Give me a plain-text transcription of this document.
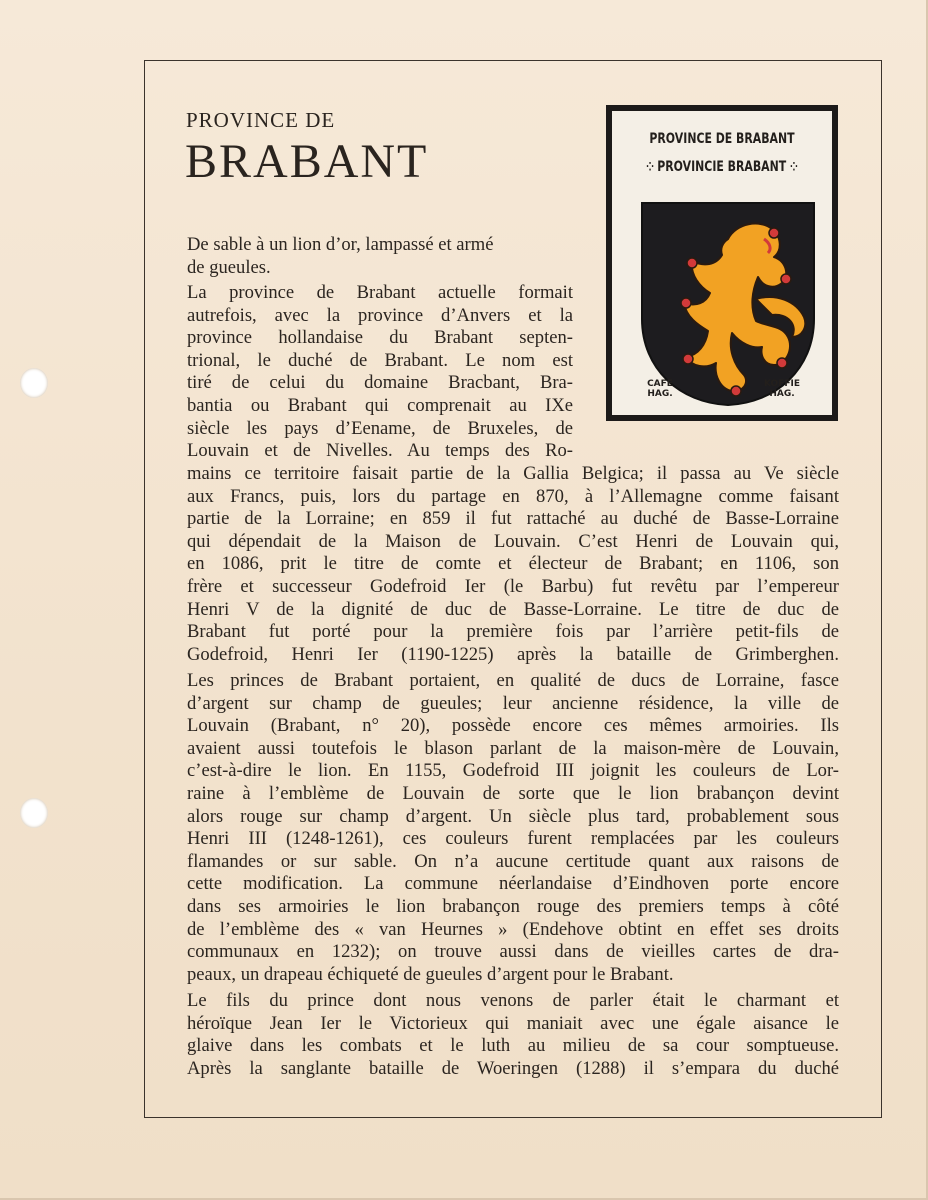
PROVINCE DE
BRABANT	PROVINCE DE BRABANT
⁘ PROVINCIE BRABANT ⁘
CAFÉ HAG.
KOFFIE HAG.
De sable à un lion d’or, lampassé et armé
de gueules.
La province de Brabant actuelle formait
autrefois, avec la province d’Anvers et la
province hollandaise du Brabant septen-
trional, le duché de Brabant. Le nom est
tiré de celui du domaine Bracbant, Bra-
bantia ou Brabant qui comprenait au IXe
siècle les pays d’Eename, de Bruxeles, de
Louvain et de Nivelles. Au temps des Ro-
mains ce territoire faisait partie de la Gallia Belgica; il passa au Ve siècle
aux Francs, puis, lors du partage en 870, à l’Allemagne comme faisant
partie de la Lorraine; en 859 il fut rattaché au duché de Basse-Lorraine
qui dépendait de la Maison de Louvain. C’est Henri de Louvain qui,
en 1086, prit le titre de comte et électeur de Brabant; en 1106, son
frère et successeur Godefroid Ier (le Barbu) fut revêtu par l’empereur
Henri V de la dignité de duc de Basse-Lorraine. Le titre de duc de
Brabant fut porté pour la première fois par l’arrière petit-fils de
Godefroid, Henri Ier (1190-1225) après la bataille de Grimberghen.
Les princes de Brabant portaient, en qualité de ducs de Lorraine, fasce
d’argent sur champ de gueules; leur ancienne résidence, la ville de
Louvain (Brabant, n° 20), possède encore ces mêmes armoiries. Ils
avaient aussi toutefois le blason parlant de la maison-mère de Louvain,
c’est-à-dire le lion. En 1155, Godefroid III joignit les couleurs de Lor-
raine à l’emblème de Louvain de sorte que le lion brabançon devint
alors rouge sur champ d’argent. Un siècle plus tard, probablement sous
Henri III (1248-1261), ces couleurs furent remplacées par les couleurs
flamandes or sur sable. On n’a aucune certitude quant aux raisons de
cette modification. La commune néerlandaise d’Eindhoven porte encore
dans ses armoiries le lion brabançon rouge des premiers temps à côté
de l’emblème des « van Heurnes » (Endehove obtint en effet ses droits
communaux en 1232); on trouve aussi dans de vieilles cartes de dra-
peaux, un drapeau échiqueté de gueules d’argent pour le Brabant.
Le fils du prince dont nous venons de parler était le charmant et
héroïque Jean Ier le Victorieux qui maniait avec une égale aisance le
glaive dans les combats et le luth au milieu de sa cour somptueuse.
Après la sanglante bataille de Woeringen (1288) il s’empara du duché
